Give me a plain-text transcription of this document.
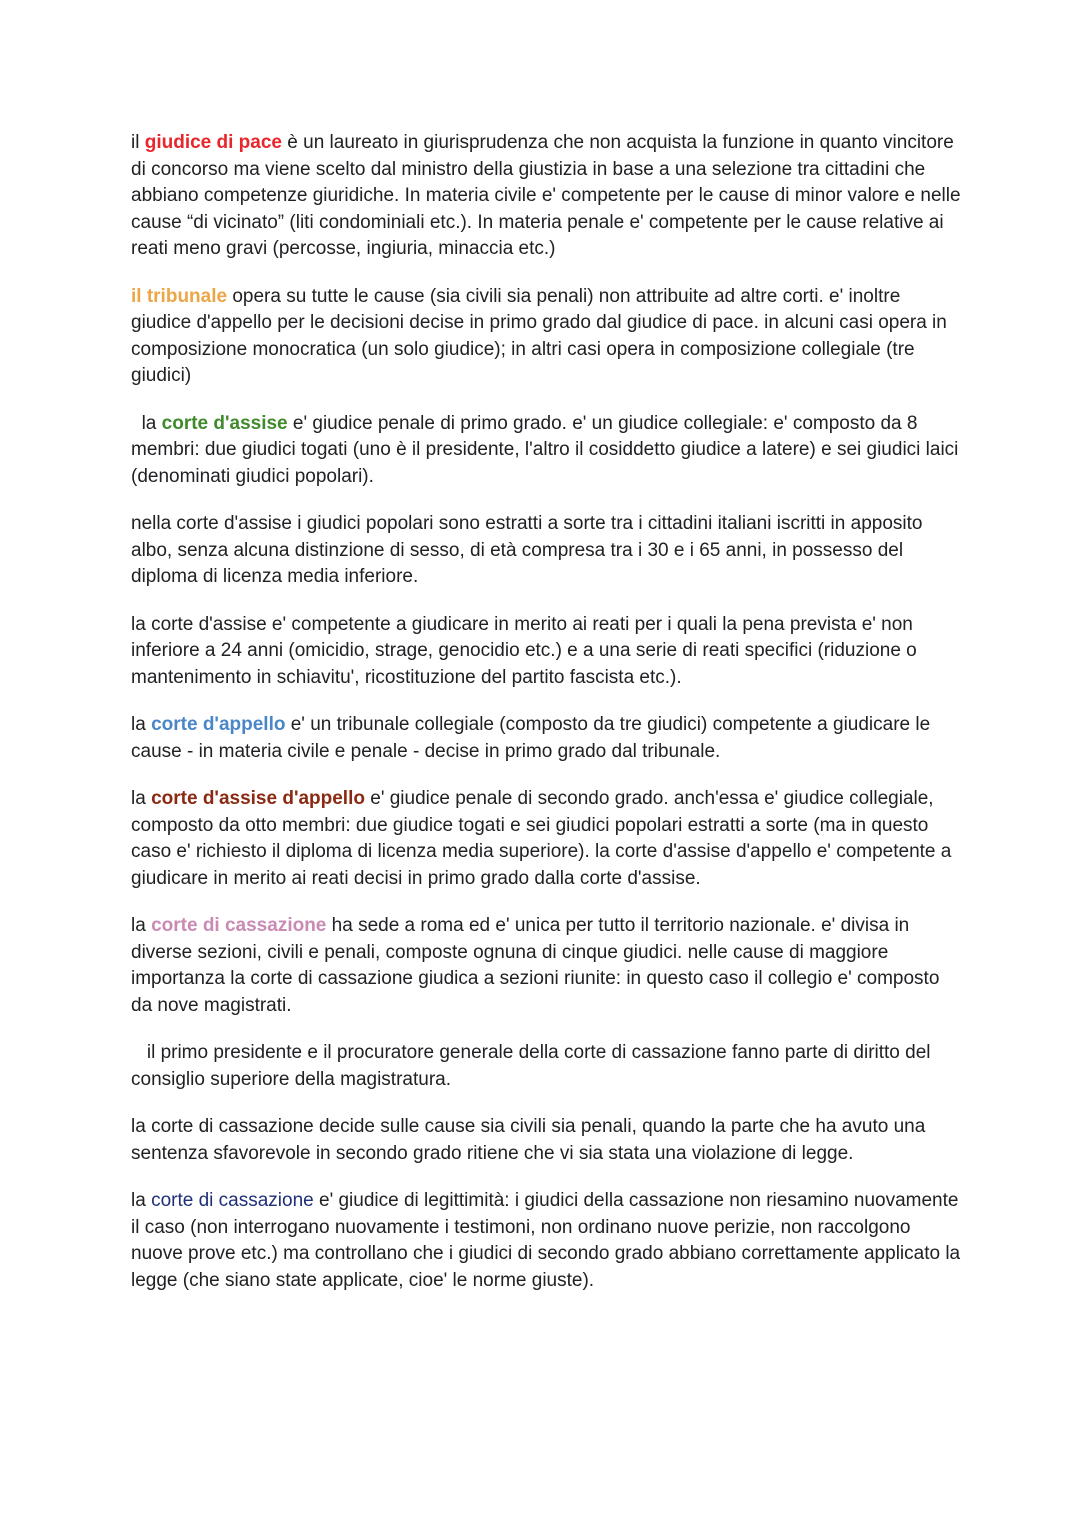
il giudice di pace è un laureato in giurisprudenza che non acquista la funzione in quanto vincitore di concorso ma viene scelto dal ministro della giustizia in base a una selezione tra cittadini che abbiano competenze giuridiche. In materia civile e' competente per le cause di minor valore e nelle cause “di vicinato” (liti condominiali etc.). In materia penale e' competente per le cause relative ai reati meno gravi (percosse, ingiuria, minaccia etc.)

il tribunale opera su tutte le cause (sia civili sia penali) non attribuite ad altre corti. e' inoltre giudice d'appello per le decisioni decise in primo grado dal giudice di pace. in alcuni casi opera in composizione monocratica (un solo giudice); in altri casi opera in composizione collegiale (tre giudici)

la corte d'assise e' giudice penale di primo grado. e' un giudice collegiale: e' composto da 8 membri: due giudici togati (uno è il presidente, l'altro il cosiddetto giudice a latere) e sei giudici laici (denominati giudici popolari).

nella corte d'assise i giudici popolari sono estratti a sorte tra i cittadini italiani iscritti in apposito albo, senza alcuna distinzione di sesso, di età compresa tra i 30 e i 65 anni, in possesso del diploma di licenza media inferiore.

la corte d'assise e' competente a giudicare in merito ai reati per i quali la pena prevista e' non inferiore a 24 anni (omicidio, strage, genocidio etc.) e a una serie di reati specifici (riduzione o mantenimento in schiavitu', ricostituzione del partito fascista etc.).

la corte d'appello e' un tribunale collegiale (composto da tre giudici) competente a giudicare le cause - in materia civile e penale - decise in primo grado dal tribunale.

la corte d'assise d'appello e' giudice penale di secondo grado. anch'essa e' giudice collegiale, composto da otto membri: due giudice togati e sei giudici popolari estratti a sorte (ma in questo caso e' richiesto il diploma di licenza media superiore). la corte d'assise d'appello e' competente a giudicare in merito ai reati decisi in primo grado dalla corte d'assise.

la corte di cassazione ha sede a roma ed e' unica per tutto il territorio nazionale. e' divisa in diverse sezioni, civili e penali, composte ognuna di cinque giudici. nelle cause di maggiore importanza la corte di cassazione giudica a sezioni riunite: in questo caso il collegio e' composto da nove magistrati.

il primo presidente e il procuratore generale della corte di cassazione fanno parte di diritto del consiglio superiore della magistratura.

la corte di cassazione decide sulle cause sia civili sia penali, quando la parte che ha avuto una sentenza sfavorevole in secondo grado ritiene che vi sia stata una violazione di legge.

la corte di cassazione e' giudice di legittimità: i giudici della cassazione non riesamino nuovamente il caso (non interrogano nuovamente i testimoni, non ordinano nuove perizie, non raccolgono nuove prove etc.) ma controllano che i giudici di secondo grado abbiano correttamente applicato la legge (che siano state applicate, cioe' le norme giuste).
